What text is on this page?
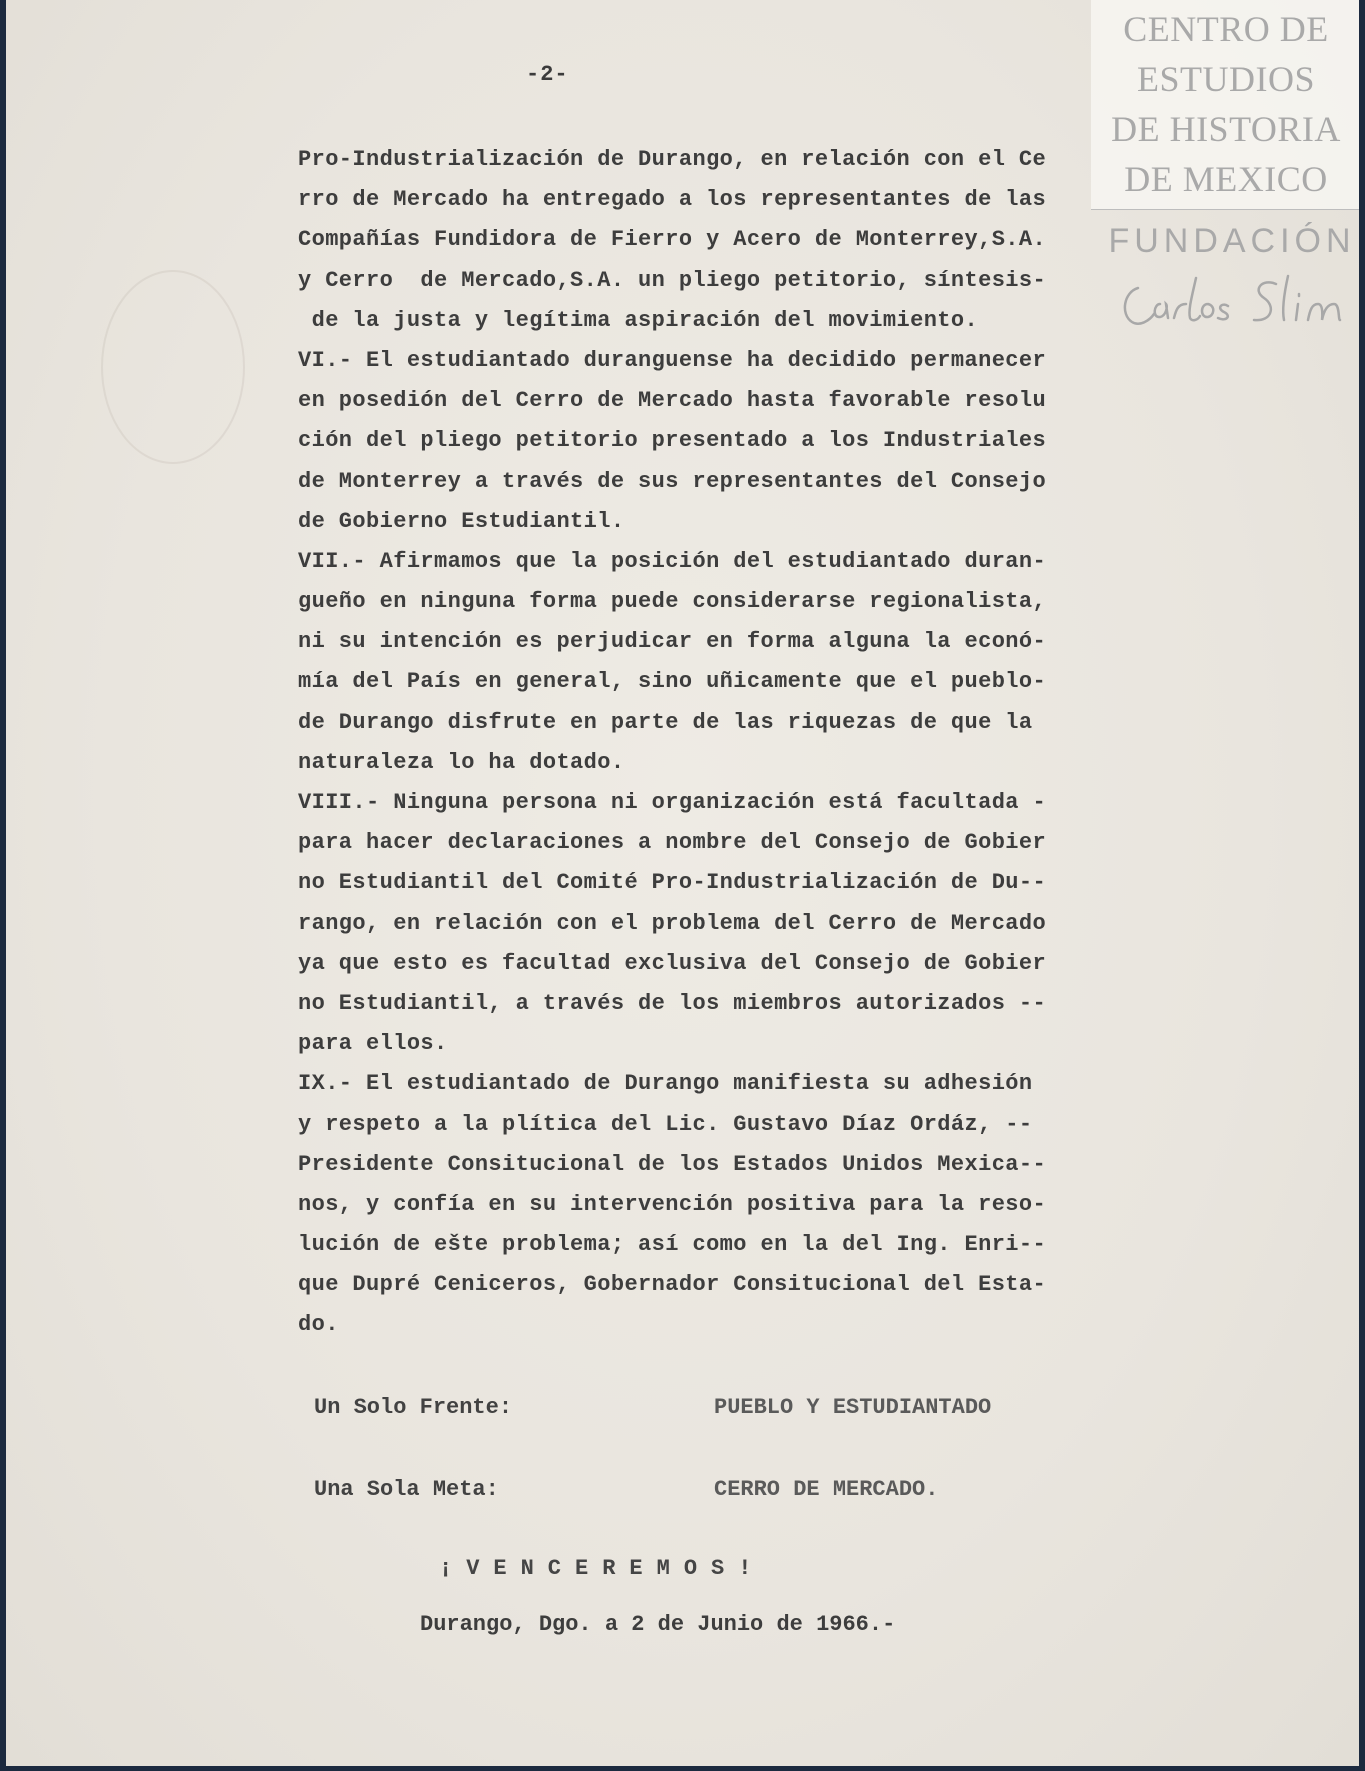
CENTRO DE
ESTUDIOS
DE HISTORIA
DE MEXICO
FUNDACIÓN
-2-
Pro-Industrialización de Durango, en relación con el Ce
rro de Mercado ha entregado a los representantes de las
Compañías Fundidora de Fierro y Acero de Monterrey,S.A.
y Cerro  de Mercado,S.A. un pliego petitorio, síntesis-
de la justa y legítima aspiración del movimiento.
VI.- El estudiantado duranguense ha decidido permanecer
en posedión del Cerro de Mercado hasta favorable resolu
ción del pliego petitorio presentado a los Industriales
de Monterrey a través de sus representantes del Consejo
de Gobierno Estudiantil.
VII.- Afirmamos que la posición del estudiantado duran-
gueño en ninguna forma puede considerarse regionalista,
ni su intención es perjudicar en forma alguna la econó-
mía del País en general, sino uñicamente que el pueblo-
de Durango disfrute en parte de las riquezas de que la
naturaleza lo ha dotado.
VIII.- Ninguna persona ni organización está facultada -
para hacer declaraciones a nombre del Consejo de Gobier
no Estudiantil del Comité Pro-Industrialización de Du--
rango, en relación con el problema del Cerro de Mercado
ya que esto es facultad exclusiva del Consejo de Gobier
no Estudiantil, a través de los miembros autorizados --
para ellos.
IX.- El estudiantado de Durango manifiesta su adhesión
y respeto a la plítica del Lic. Gustavo Díaz Ordáz, --
Presidente Consitucional de los Estados Unidos Mexica--
nos, y confía en su intervención positiva para la reso-
lución de ešte problema; así como en la del Ing. Enri--
que Dupré Ceniceros, Gobernador Consitucional del Esta-
do.
Un Solo Frente:	PUEBLO Y ESTUDIANTADO
Una Sola Meta:	CERRO DE MERCADO.
¡VENCEREMOS!
Durango, Dgo. a 2 de Junio de 1966.-
